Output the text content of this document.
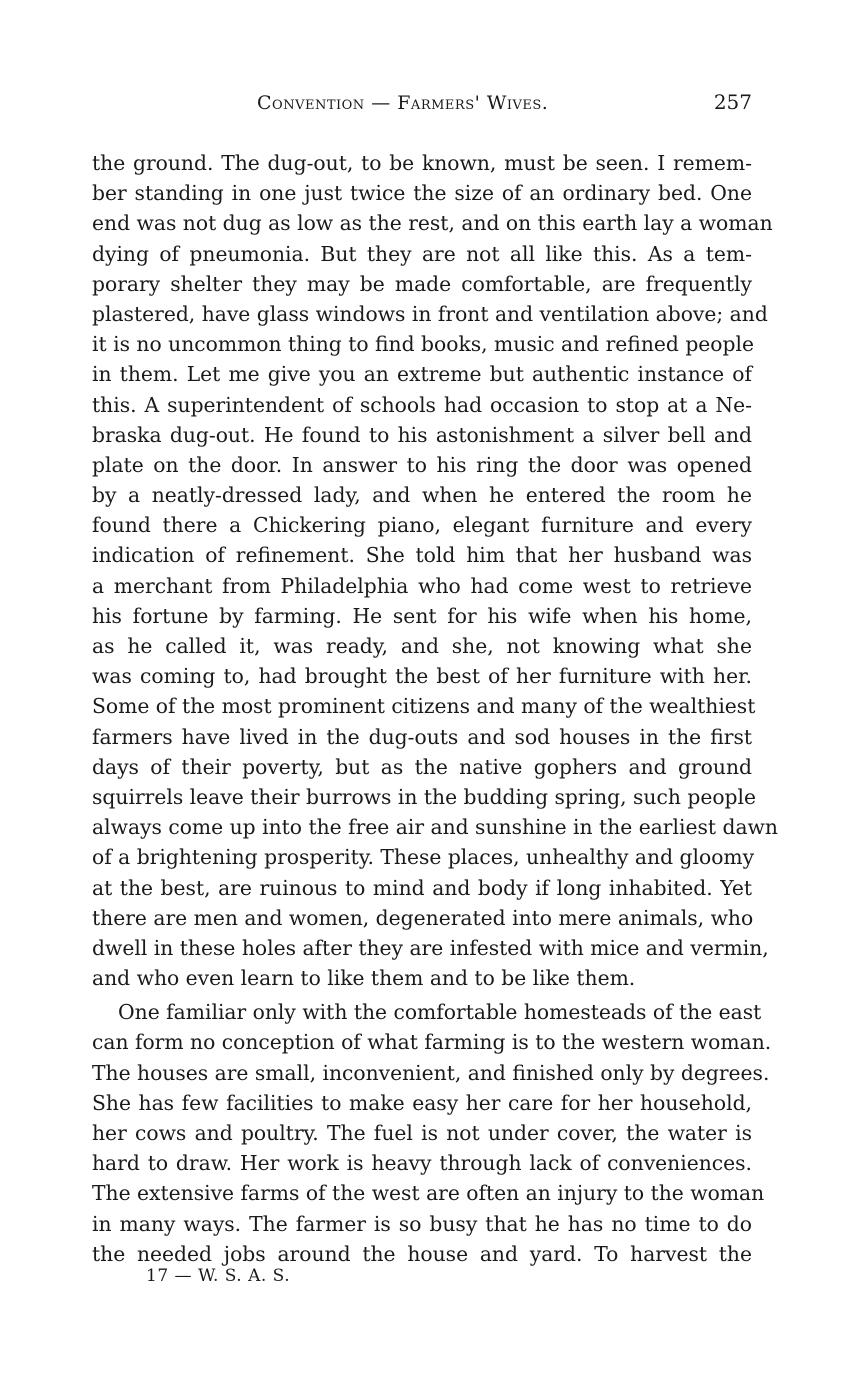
Convention — Farmers' Wives.	257
the ground. The dug-out, to be known, must be seen. I remem-
ber standing in one just twice the size of an ordinary bed. One
end was not dug as low as the rest, and on this earth lay a woman
dying of pneumonia. But they are not all like this. As a tem-
porary shelter they may be made comfortable, are frequently
plastered, have glass windows in front and ventilation above; and
it is no uncommon thing to find books, music and refined people
in them. Let me give you an extreme but authentic instance of
this. A superintendent of schools had occasion to stop at a Ne-
braska dug-out. He found to his astonishment a silver bell and
plate on the door. In answer to his ring the door was opened
by a neatly-dressed lady, and when he entered the room he
found there a Chickering piano, elegant furniture and every
indication of refinement. She told him that her husband was
a merchant from Philadelphia who had come west to retrieve
his fortune by farming. He sent for his wife when his home,
as he called it, was ready, and she, not knowing what she
was coming to, had brought the best of her furniture with her.
Some of the most prominent citizens and many of the wealthiest
farmers have lived in the dug-outs and sod houses in the first
days of their poverty, but as the native gophers and ground
squirrels leave their burrows in the budding spring, such people
always come up into the free air and sunshine in the earliest dawn
of a brightening prosperity. These places, unhealthy and gloomy
at the best, are ruinous to mind and body if long inhabited. Yet
there are men and women, degenerated into mere animals, who
dwell in these holes after they are infested with mice and vermin,
and who even learn to like them and to be like them.
One familiar only with the comfortable homesteads of the east
can form no conception of what farming is to the western woman.
The houses are small, inconvenient, and finished only by degrees.
She has few facilities to make easy her care for her household,
her cows and poultry. The fuel is not under cover, the water is
hard to draw. Her work is heavy through lack of conveniences.
The extensive farms of the west are often an injury to the woman
in many ways. The farmer is so busy that he has no time to do
the needed jobs around the house and yard. To harvest the
17 — W. S. A. S.
